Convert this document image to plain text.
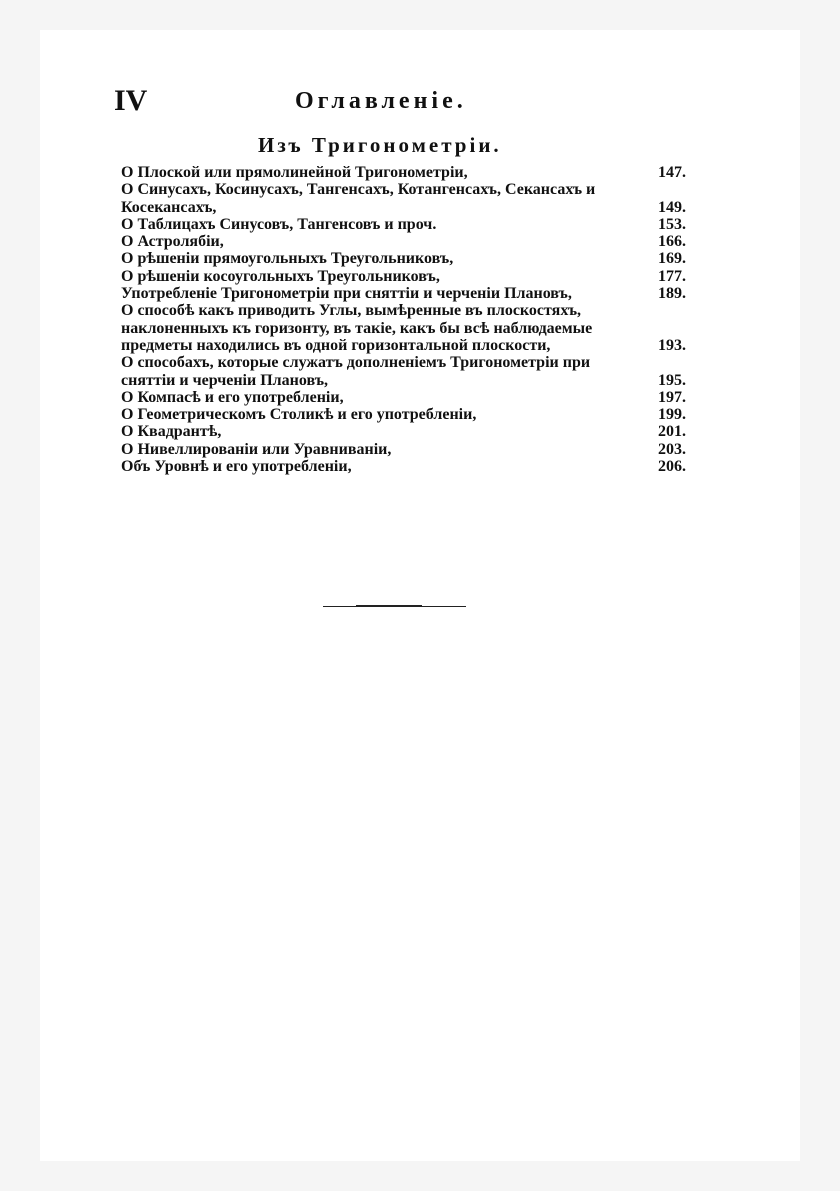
IV	Оглавленіе.
Изъ Тригонометріи.
О Плоской или прямолинейной Тригонометріи,	147.
О Синусахъ, Косинусахъ, Тангенсахъ, Котангенсахъ, Секансахъ и Косекансахъ,	149.
О Таблицахъ Синусовъ, Тангенсовъ и проч.	153.
О Астролябіи,	166.
О рѣшеніи прямоугольныхъ Треугольниковъ,	169.
О рѣшеніи косоугольныхъ Треугольниковъ,	177.
Употребленіе Тригонометріи при сняттіи и черченіи Плановъ,	189.
О способѣ какъ приводить Углы, вымѣренные въ плоскостяхъ, наклоненныхъ къ горизонту, въ такіе, какъ бы всѣ наблюдаемые предметы находились въ одной горизонтальной плоскости,	193.
О способахъ, которые служатъ дополненіемъ Тригонометріи при сняттіи и черченіи Плановъ,	195.
О Компасѣ и его употребленіи,	197.
О Геометрическомъ Столикѣ и его употребленіи,	199.
О Квадрантѣ,	201.
О Нивеллированіи или Уравниваніи,	203.
Объ Уровнѣ и его употребленіи,	206.
